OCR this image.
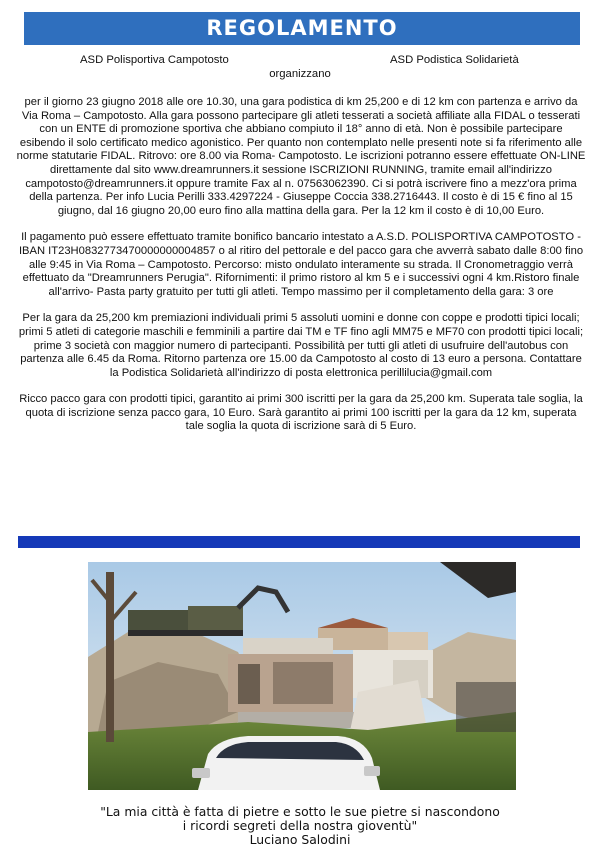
REGOLAMENTO
ASD Polisportiva Campotosto	ASD Podistica Solidarietà
organizzano

per il giorno 23 giugno 2018 alle ore 10.30, una gara podistica di km 25,200 e di 12 km con partenza e arrivo da Via Roma – Campotosto. Alla gara possono partecipare gli atleti tesserati a società affiliate alla FIDAL o tesserati con un ENTE di promozione sportiva che abbiano compiuto il 18° anno di età. Non è possibile partecipare esibendo il solo certificato medico agonistico. Per quanto non contemplato nelle presenti note si fa riferimento alle norme statutarie FIDAL. Ritrovo: ore 8.00 via Roma- Campotosto. Le iscrizioni potranno essere effettuate ON-LINE direttamente dal sito www.dreamrunners.it sessione ISCRIZIONI RUNNING, tramite email all'indirizzo campotosto@dreamrunners.it oppure tramite Fax al n. 07563062390. Ci si potrà iscrivere fino a mezz'ora prima della partenza. Per info Lucia Perilli 333.4297224 - Giuseppe Coccia 338.2716443. Il costo è di 15 € fino al 15 giugno, dal 16 giugno 20,00 euro fino alla mattina della gara. Per la 12 km il costo è di 10,00 Euro.

Il pagamento può essere effettuato tramite bonifico bancario intestato a A.S.D. POLISPORTIVA CAMPOTOSTO - IBAN IT23H0832773470000000004857 o al ritiro del pettorale e del pacco gara che avverrà sabato dalle 8:00 fino alle 9:45 in Via Roma – Campotosto. Percorso: misto ondulato interamente su strada. Il Cronometraggio verrà effettuato da "Dreamrunners Perugia". Rifornimenti: il primo ristoro al km 5 e i successivi ogni 4 km.Ristoro finale all'arrivo- Pasta party gratuito per tutti gli atleti. Tempo massimo per il completamento della gara: 3 ore

Per la gara da 25,200 km premiazioni individuali primi 5 assoluti uomini e donne con coppe e prodotti tipici locali; primi 5 atleti di categorie maschili e femminili a partire dai TM e TF fino agli MM75 e MF70 con prodotti tipici locali; prime 3 società con maggior numero di partecipanti. Possibilità per tutti gli atleti di usufruire dell'autobus con partenza alle 6.45 da Roma. Ritorno partenza ore 15.00 da Campotosto al costo di 13 euro a persona. Contattare la Podistica Solidarietà all'indirizzo di posta elettronica perillilucia@gmail.com

Ricco pacco gara con prodotti tipici, garantito ai primi 300 iscritti per la gara da 25,200 km. Superata tale soglia, la quota di iscrizione senza pacco gara, 10 Euro. Sarà garantito ai primi 100 iscritti per la gara da 12 km, superata tale soglia la quota di iscrizione sarà di 5 Euro.

"La mia città è fatta di pietre e sotto le sue pietre si nascondono
i ricordi segreti della nostra gioventù"
Luciano Salodini
